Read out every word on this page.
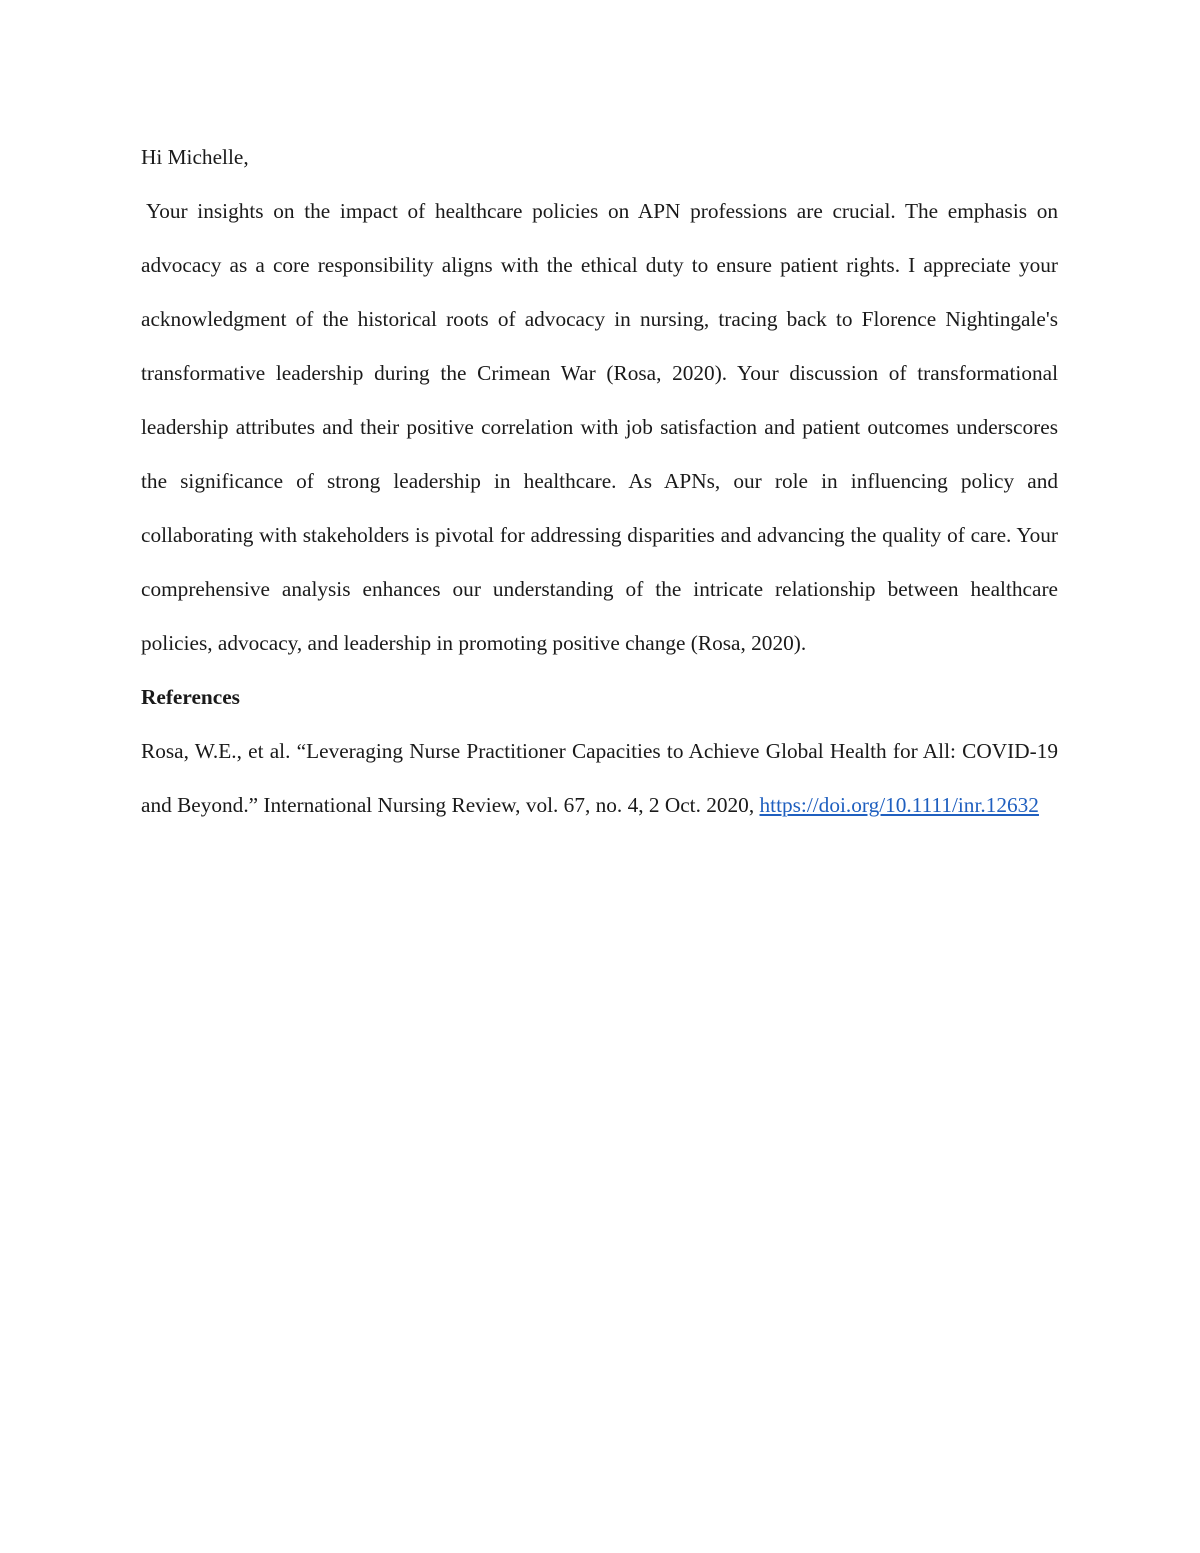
Hi Michelle,

Your insights on the impact of healthcare policies on APN professions are crucial. The emphasis on advocacy as a core responsibility aligns with the ethical duty to ensure patient rights. I appreciate your acknowledgment of the historical roots of advocacy in nursing, tracing back to Florence Nightingale's transformative leadership during the Crimean War (Rosa, 2020). Your discussion of transformational leadership attributes and their positive correlation with job satisfaction and patient outcomes underscores the significance of strong leadership in healthcare. As APNs, our role in influencing policy and collaborating with stakeholders is pivotal for addressing disparities and advancing the quality of care. Your comprehensive analysis enhances our understanding of the intricate relationship between healthcare policies, advocacy, and leadership in promoting positive change (Rosa, 2020).

References

Rosa, W.E., et al. “Leveraging Nurse Practitioner Capacities to Achieve Global Health for All: COVID-19 and Beyond.” International Nursing Review, vol. 67, no. 4, 2 Oct. 2020, https://doi.org/10.1111/inr.12632
